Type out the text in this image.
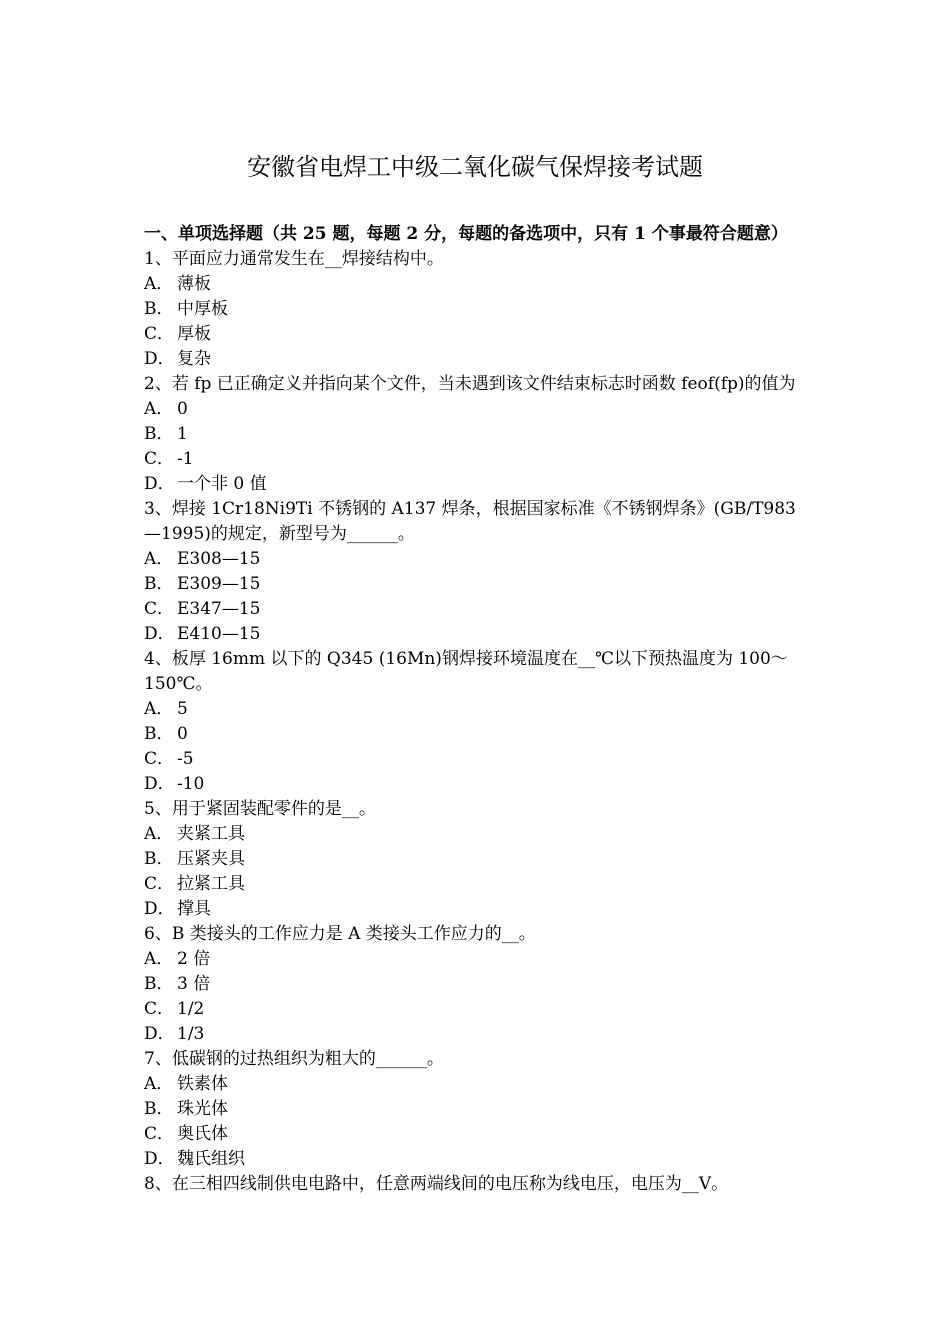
安徽省电焊工中级二氧化碳气保焊接考试题
一、单项选择题（共 25 题，每题 2 分，每题的备选项中，只有 1 个事最符合题意）
1、平面应力通常发生在__焊接结构中。
A． 薄板
B． 中厚板
C． 厚板
D． 复杂
2、若 fp 已正确定义并指向某个文件，当未遇到该文件结束标志时函数 feof(fp)的值为
A． 0
B． 1
C． -1
D． 一个非 0 值
3、焊接 1Cr18Ni9Ti 不锈钢的 A137 焊条，根据国家标准《不锈钢焊条》(GB/T983—1995)的规定，新型号为______。
A． E308—15
B． E309—15
C． E347—15
D． E410—15
4、板厚 16mm 以下的 Q345 (16Mn)钢焊接环境温度在__℃以下预热温度为 100～150℃。
A． 5
B． 0
C． -5
D． -10
5、用于紧固装配零件的是__。
A． 夹紧工具
B． 压紧夹具
C． 拉紧工具
D． 撑具
6、B 类接头的工作应力是 A 类接头工作应力的__。
A． 2 倍
B． 3 倍
C． 1/2
D． 1/3
7、低碳钢的过热组织为粗大的______。
A． 铁素体
B． 珠光体
C． 奥氏体
D． 魏氏组织
8、在三相四线制供电电路中，任意两端线间的电压称为线电压，电压为__V。
